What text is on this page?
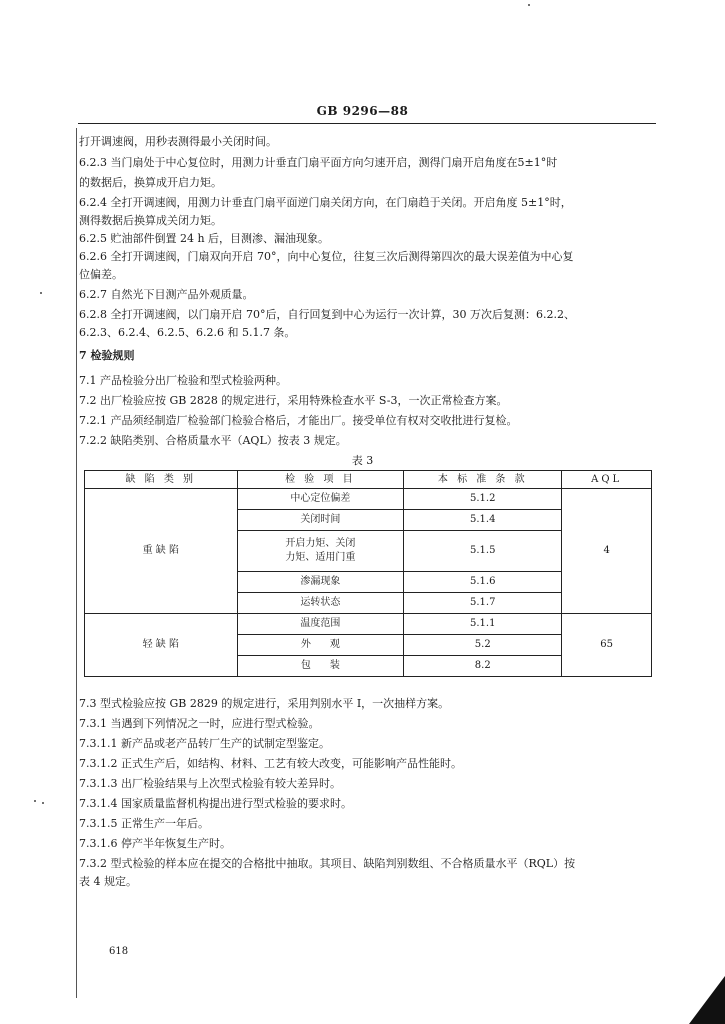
GB 9296—88
打开调速阀，用秒表测得最小关闭时间。
6.2.3 当门扇处于中心复位时，用测力计垂直门扇平面方向匀速开启，测得门扇开启角度在5±1°时
的数据后，换算成开启力矩。
6.2.4 全打开调速阀，用测力计垂直门扇平面逆门扇关闭方向，在门扇趋于关闭。开启角度 5±1°时，
测得数据后换算成关闭力矩。
6.2.5 贮油部件倒置 24 h 后，目测渗、漏油现象。
6.2.6 全打开调速阀，门扇双向开启 70°，向中心复位，往复三次后测得第四次的最大误差值为中心复
位偏差。
6.2.7 自然光下目测产品外观质量。
6.2.8 全打开调速阀，以门扇开启 70°后，自行回复到中心为运行一次计算，30 万次后复测：6.2.2、
6.2.3、6.2.4、6.2.5、6.2.6 和 5.1.7 条。
7 检验规则
7.1 产品检验分出厂检验和型式检验两种。
7.2 出厂检验应按 GB 2828 的规定进行，采用特殊检查水平 S-3，一次正常检查方案。
7.2.1 产品须经制造厂检验部门检验合格后，才能出厂。接受单位有权对交收批进行复检。
7.2.2 缺陷类别、合格质量水平（AQL）按表 3 规定。
表 3
缺 陷 类 别	检 验 项 目	本 标 准 条 款	AQL
重 缺 陷	中心定位偏差	5.1.2	4
	关闭时间	5.1.4	

	开启力矩、关闭
力矩、适用门重	5.1.5	
	渗漏现象	5.1.6	
	运转状态	5.1.7	
轻 缺 陷	温度范围	5.1.1	65
	外      观	5.2	
	包      装	8.2	
7.3 型式检验应按 GB 2829 的规定进行，采用判别水平 Ⅰ，一次抽样方案。
7.3.1 当遇到下列情况之一时，应进行型式检验。
7.3.1.1 新产品或老产品转厂生产的试制定型鉴定。
7.3.1.2 正式生产后，如结构、材料、工艺有较大改变，可能影响产品性能时。
7.3.1.3 出厂检验结果与上次型式检验有较大差异时。
7.3.1.4 国家质量监督机构提出进行型式检验的要求时。
7.3.1.5 正常生产一年后。
7.3.1.6 停产半年恢复生产时。
7.3.2 型式检验的样本应在提交的合格批中抽取。其项目、缺陷判别数组、不合格质量水平（RQL）按
表 4 规定。
618
